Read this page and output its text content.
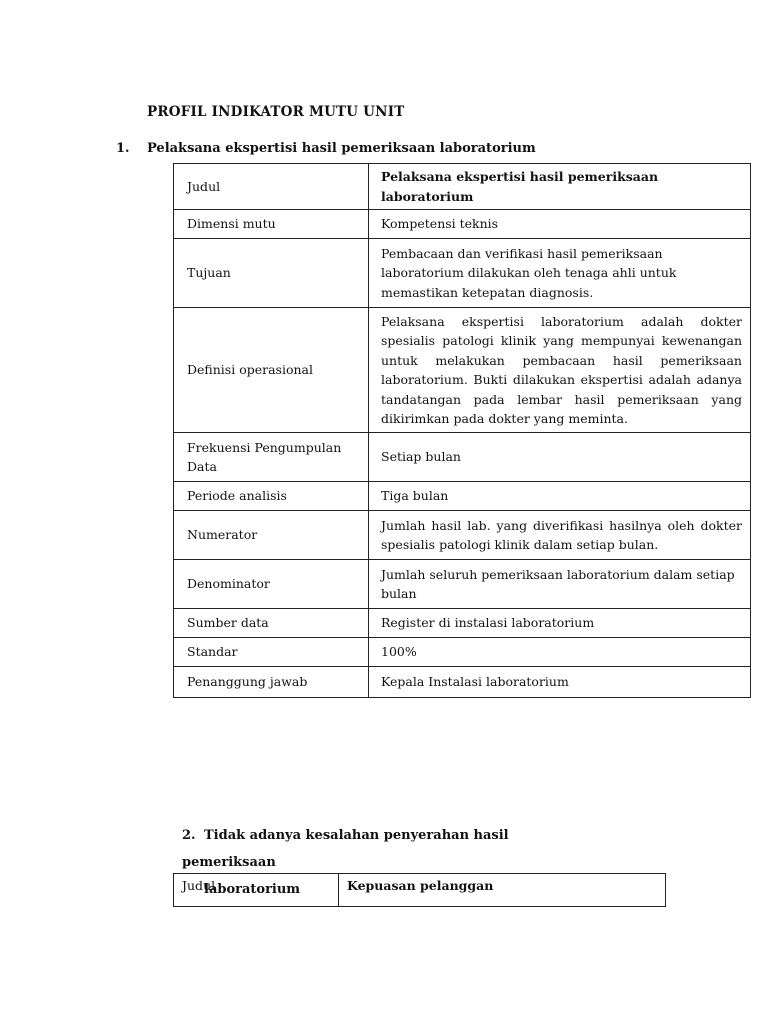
PROFIL INDIKATOR MUTU UNIT
1. Pelaksana ekspertisi hasil pemeriksaan laboratorium
Judul	Pelaksana ekspertisi hasil pemeriksaan laboratorium
Dimensi mutu	Kompetensi teknis
Tujuan	Pembacaan dan verifikasi hasil pemeriksaan laboratorium dilakukan oleh tenaga ahli untuk memastikan ketepatan diagnosis.
Definisi operasional	Pelaksana ekspertisi laboratorium adalah dokter spesialis patologi klinik yang mempunyai kewenangan untuk melakukan pembacaan hasil pemeriksaan laboratorium. Bukti dilakukan ekspertisi adalah adanya tandatangan pada lembar hasil pemeriksaan yang dikirimkan pada dokter yang meminta.
Frekuensi Pengumpulan Data	Setiap bulan
Periode analisis	Tiga bulan
Numerator	Jumlah hasil lab. yang diverifikasi hasilnya oleh dokter spesialis patologi klinik dalam setiap bulan.
Denominator	Jumlah seluruh pemeriksaan laboratorium dalam setiap bulan
Sumber data	Register di instalasi laboratorium
Standar	100%
Penanggung jawab	Kepala Instalasi laboratorium
2. Tidak adanya kesalahan penyerahan hasil pemeriksaan
laboratorium
Judul	Kepuasan pelanggan
